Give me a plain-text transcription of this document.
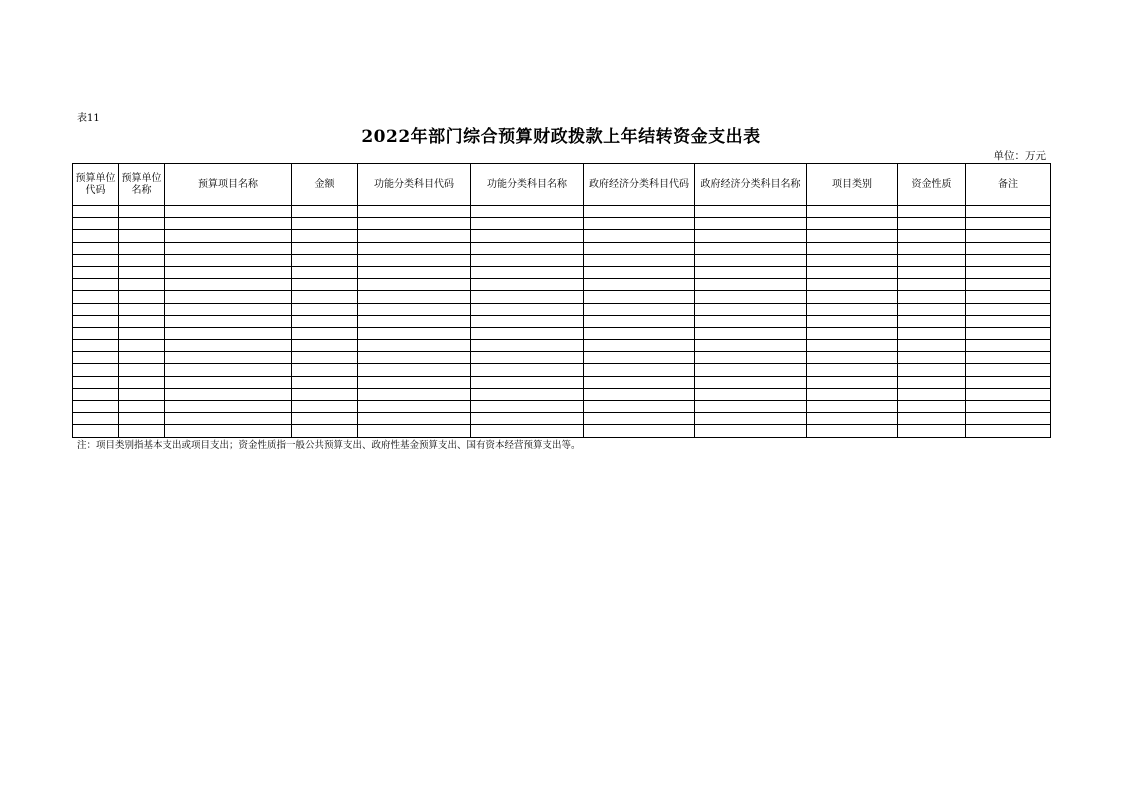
表11
2022年部门综合预算财政拨款上年结转资金支出表
单位：万元
预算单位代码	预算单位名称	预算项目名称	金额	功能分类科目代码	功能分类科目名称	政府经济分类科目代码	政府经济分类科目名称	项目类别	资金性质	备注

注：项目类别指基本支出或项目支出；资金性质指一般公共预算支出、政府性基金预算支出、国有资本经营预算支出等。
